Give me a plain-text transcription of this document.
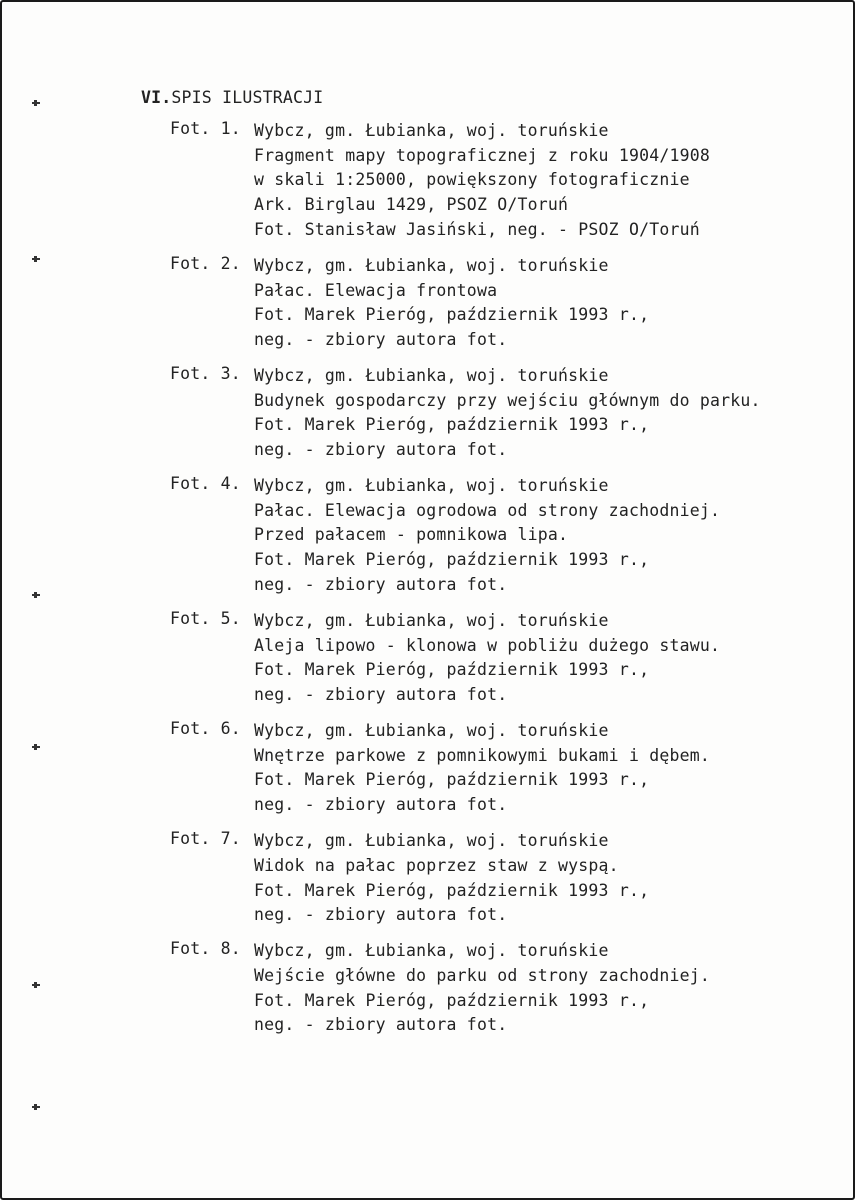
VI.SPIS ILUSTRACJI
Fot. 1. Wybcz, gm. Łubianka, woj. toruńskie
Fragment mapy topograficznej z roku 1904/1908
w skali 1:25000, powiększony fotograficznie
Ark. Birglau 1429, PSOZ O/Toruń
Fot. Stanisław Jasiński, neg. - PSOZ O/Toruń
Fot. 2. Wybcz, gm. Łubianka, woj. toruńskie
Pałac. Elewacja frontowa
Fot. Marek Pieróg, październik 1993 r.,
neg. - zbiory autora fot.
Fot. 3. Wybcz, gm. Łubianka, woj. toruńskie
Budynek gospodarczy przy wejściu głównym do parku.
Fot. Marek Pieróg, październik 1993 r.,
neg. - zbiory autora fot.
Fot. 4. Wybcz, gm. Łubianka, woj. toruńskie
Pałac. Elewacja ogrodowa od strony zachodniej.
Przed pałacem - pomnikowa lipa.
Fot. Marek Pieróg, październik 1993 r.,
neg. - zbiory autora fot.
Fot. 5. Wybcz, gm. Łubianka, woj. toruńskie
Aleja lipowo - klonowa w pobliżu dużego stawu.
Fot. Marek Pieróg, październik 1993 r.,
neg. - zbiory autora fot.
Fot. 6. Wybcz, gm. Łubianka, woj. toruńskie
Wnętrze parkowe z pomnikowymi bukami i dębem.
Fot. Marek Pieróg, październik 1993 r.,
neg. - zbiory autora fot.
Fot. 7. Wybcz, gm. Łubianka, woj. toruńskie
Widok na pałac poprzez staw z wyspą.
Fot. Marek Pieróg, październik 1993 r.,
neg. - zbiory autora fot.
Fot. 8. Wybcz, gm. Łubianka, woj. toruńskie
Wejście główne do parku od strony zachodniej.
Fot. Marek Pieróg, październik 1993 r.,
neg. - zbiory autora fot.
